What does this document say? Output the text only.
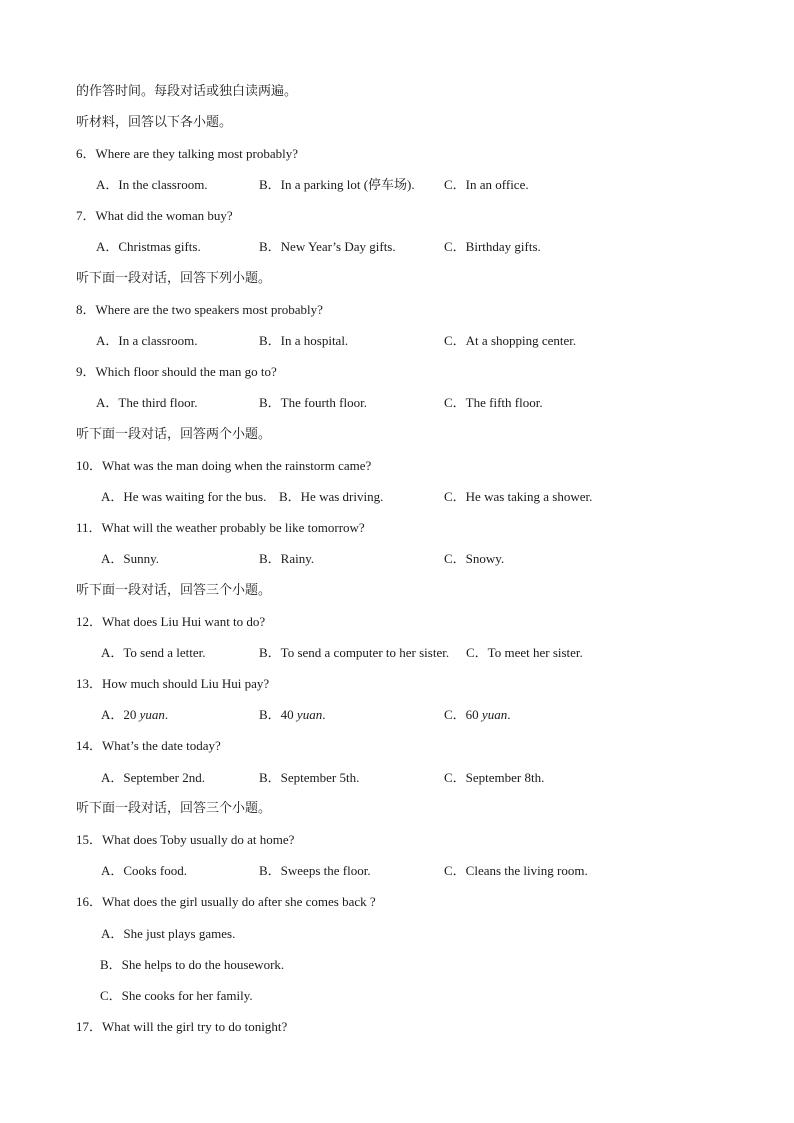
的作答时间。每段对话或独白读两遍。
听材料，回答以下各小题。
6．Where are they talking most probably?
A．In the classroom.	B．In a parking lot (停车场). C．In an office.
7．What did the woman buy?
A．Christmas gifts.	B．New Year’s Day gifts.	C．Birthday gifts.
听下面一段对话，回答下列小题。
8．Where are the two speakers most probably?
A．In a classroom.	B．In a hospital.	C．At a shopping center.
9．Which floor should the man go to?
A．The third floor.	B．The fourth floor.	C．The fifth floor.
听下面一段对话，回答两个小题。
10．What was the man doing when the rainstorm came?
A．He was waiting for the bus. B．He was driving.	C．He was taking a shower.
11．What will the weather probably be like tomorrow?
A．Sunny.	B．Rainy.	C．Snowy.
听下面一段对话，回答三个小题。
12．What does Liu Hui want to do?
A．To send a letter.	B．To send a computer to her sister. C．To meet her sister.
13．How much should Liu Hui pay?
A．20 yuan.	B．40 yuan.	C．60 yuan.
14．What’s the date today?
A．September 2nd.	B．September 5th.	C．September 8th.
听下面一段对话，回答三个小题。
15．What does Toby usually do at home?
A．Cooks food.	B．Sweeps the floor.	C．Cleans the living room.
16．What does the girl usually do after she comes back ?
A．She just plays games.
B．She helps to do the housework.
C．She cooks for her family.
17．What will the girl try to do tonight?
